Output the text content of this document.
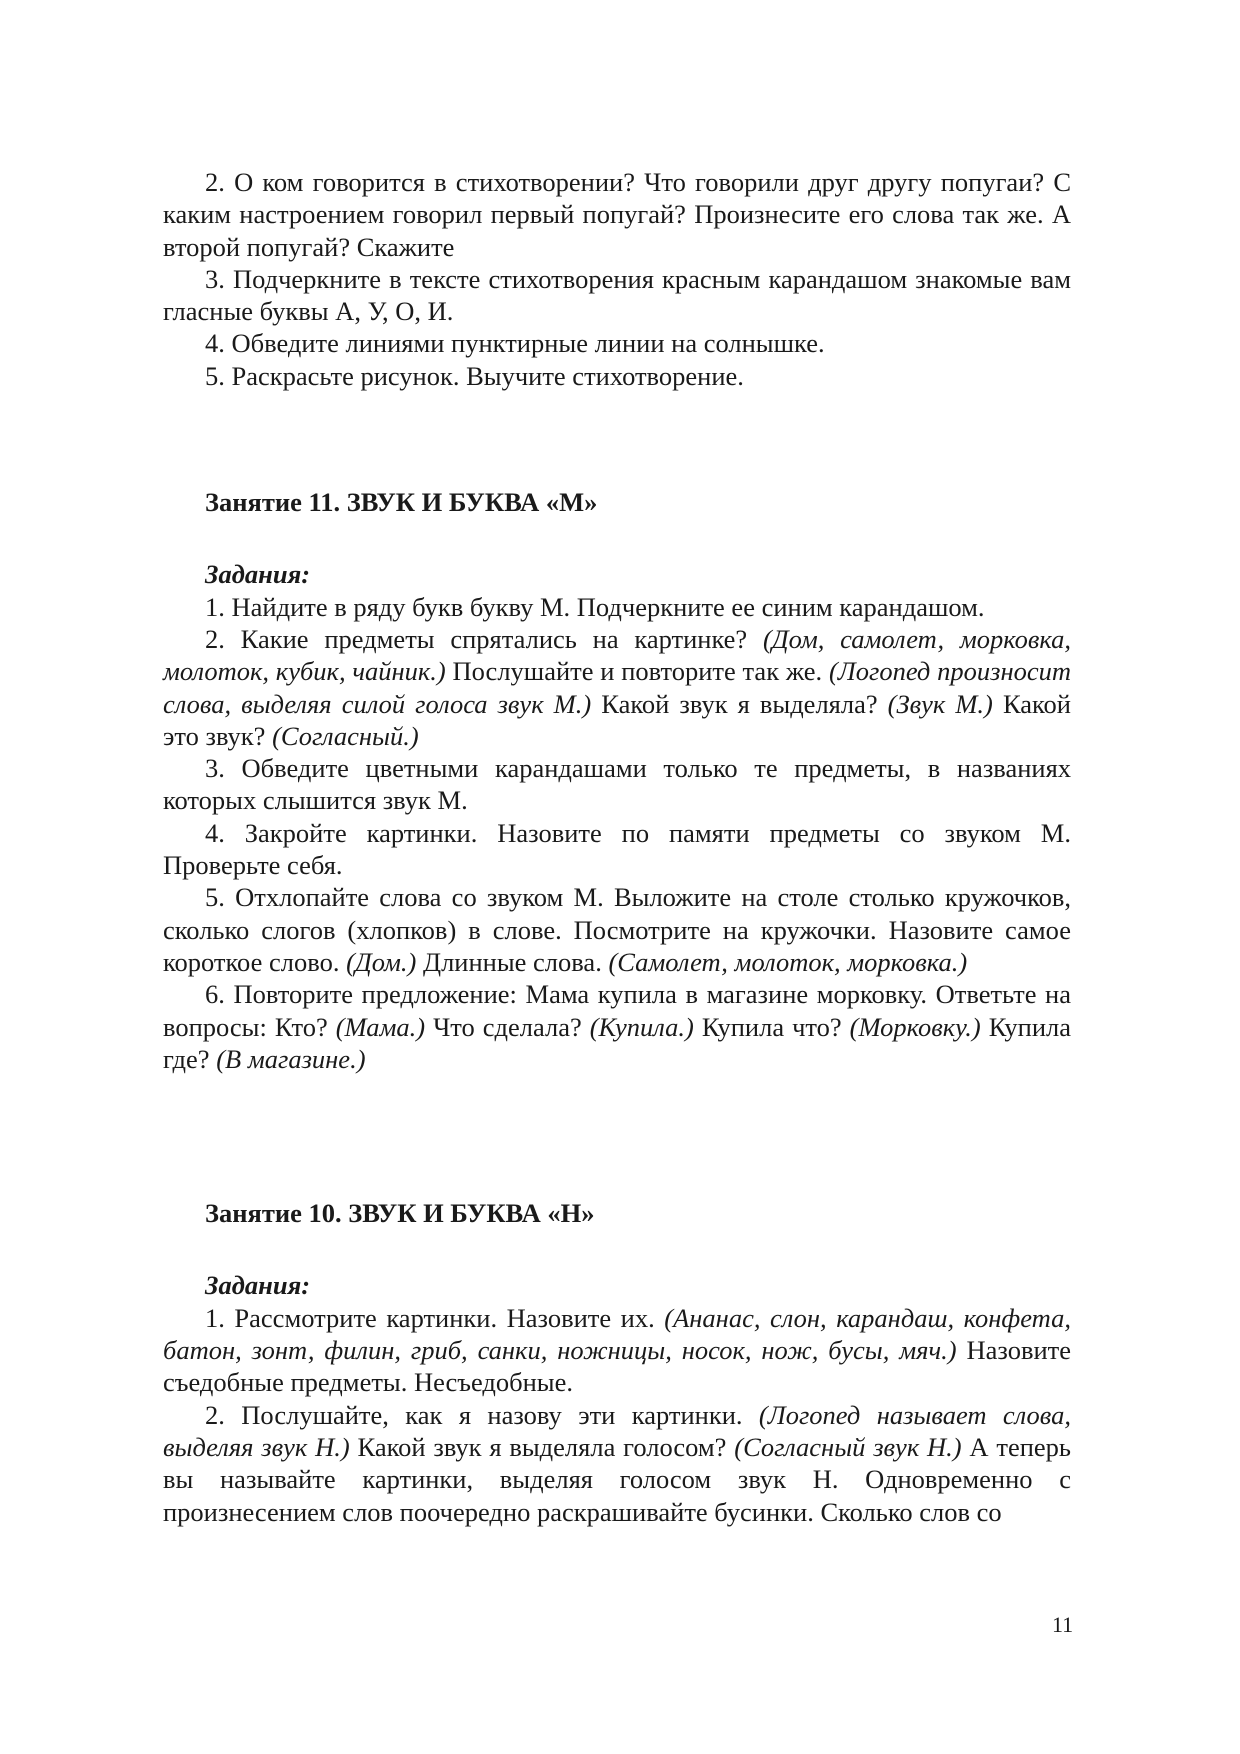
2. О ком говорится в стихотворении? Что говорили друг другу попугаи? С каким настроением говорил первый попугай? Произнесите его слова так же. А второй попугай? Скажите

3. Подчеркните в тексте стихотворения красным карандашом знакомые вам гласные буквы А, У, О, И.

4. Обведите линиями пунктирные линии на солнышке.

5. Раскрасьте рисунок. Выучите стихотворение.

Занятие 11. ЗВУК И БУКВА «М»

Задания:

1. Найдите в ряду букв букву М. Подчеркните ее синим карандашом.

2. Какие предметы спрятались на картинке? (Дом, самолет, морковка, молоток, кубик, чайник.) Послушайте и повторите так же. (Логопед произносит слова, выделяя силой голоса звук М.) Какой звук я выделяла? (Звук М.) Какой это звук? (Согласный.)

3. Обведите цветными карандашами только те предметы, в названиях которых слышится звук М.

4. Закройте картинки. Назовите по памяти предметы со звуком М. Проверьте себя.

5. Отхлопайте слова со звуком М. Выложите на столе столько кружочков, сколько слогов (хлопков) в слове. Посмотрите на кружочки. Назовите самое короткое слово. (Дом.) Длинные слова. (Самолет, молоток, морковка.)

6. Повторите предложение: Мама купила в магазине морковку. Ответьте на вопросы: Кто? (Мама.) Что сделала? (Купила.) Купила что? (Морковку.) Купила где? (В магазине.)

Занятие 10. ЗВУК И БУКВА «Н»

Задания:

1. Рассмотрите картинки. Назовите их. (Ананас, слон, карандаш, конфета, батон, зонт, филин, гриб, санки, ножницы, носок, нож, бусы, мяч.) Назовите съедобные предметы. Несъедобные.

2. Послушайте, как я назову эти картинки. (Логопед называет слова, выделяя звук Н.) Какой звук я выделяла голосом? (Согласный звук Н.) А теперь вы называйте картинки, выделяя голосом звук Н. Одновременно с произнесением слов поочередно раскрашивайте бусинки. Сколько слов со

11
